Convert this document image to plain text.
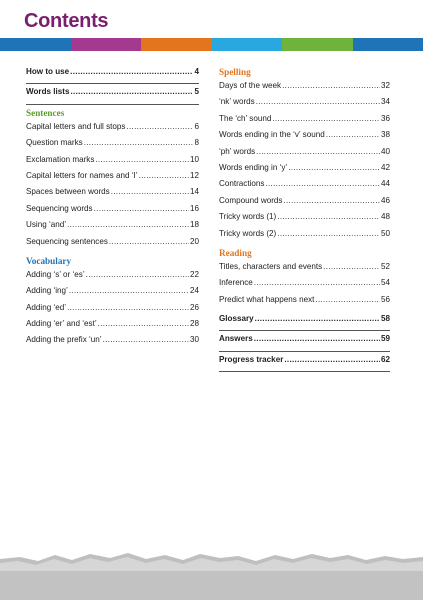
Contents
How to use .....	4
Words lists .....	5
Sentences
Capital letters and full stops .....	6
Question marks .....	8
Exclamation marks .....	10
Capital letters for names and ‘I’ .....	12
Spaces between words .....	14
Sequencing words .....	16
Using ‘and’ .....	18
Sequencing sentences .....	20
Vocabulary
Adding ‘s’ or ‘es’ .....	22
Adding ‘ing’ .....	24
Adding ‘ed’ .....	26
Adding ‘er’ and ‘est’ .....	28
Adding the prefix ‘un’ .....	30
Spelling
Days of the week .....	32
‘nk’ words .....	34
The ‘ch’ sound .....	36
Words ending in the ‘v’ sound .....	38
‘ph’ words .....	40
Words ending in ‘y’ .....	42
Contractions .....	44
Compound words .....	46
Tricky words (1) .....	48
Tricky words (2) .....	50
Reading
Titles, characters and events .....	52
Inference .....	54
Predict what happens next .....	56
Glossary .....	58
Answers .....	59
Progress tracker .....	62
